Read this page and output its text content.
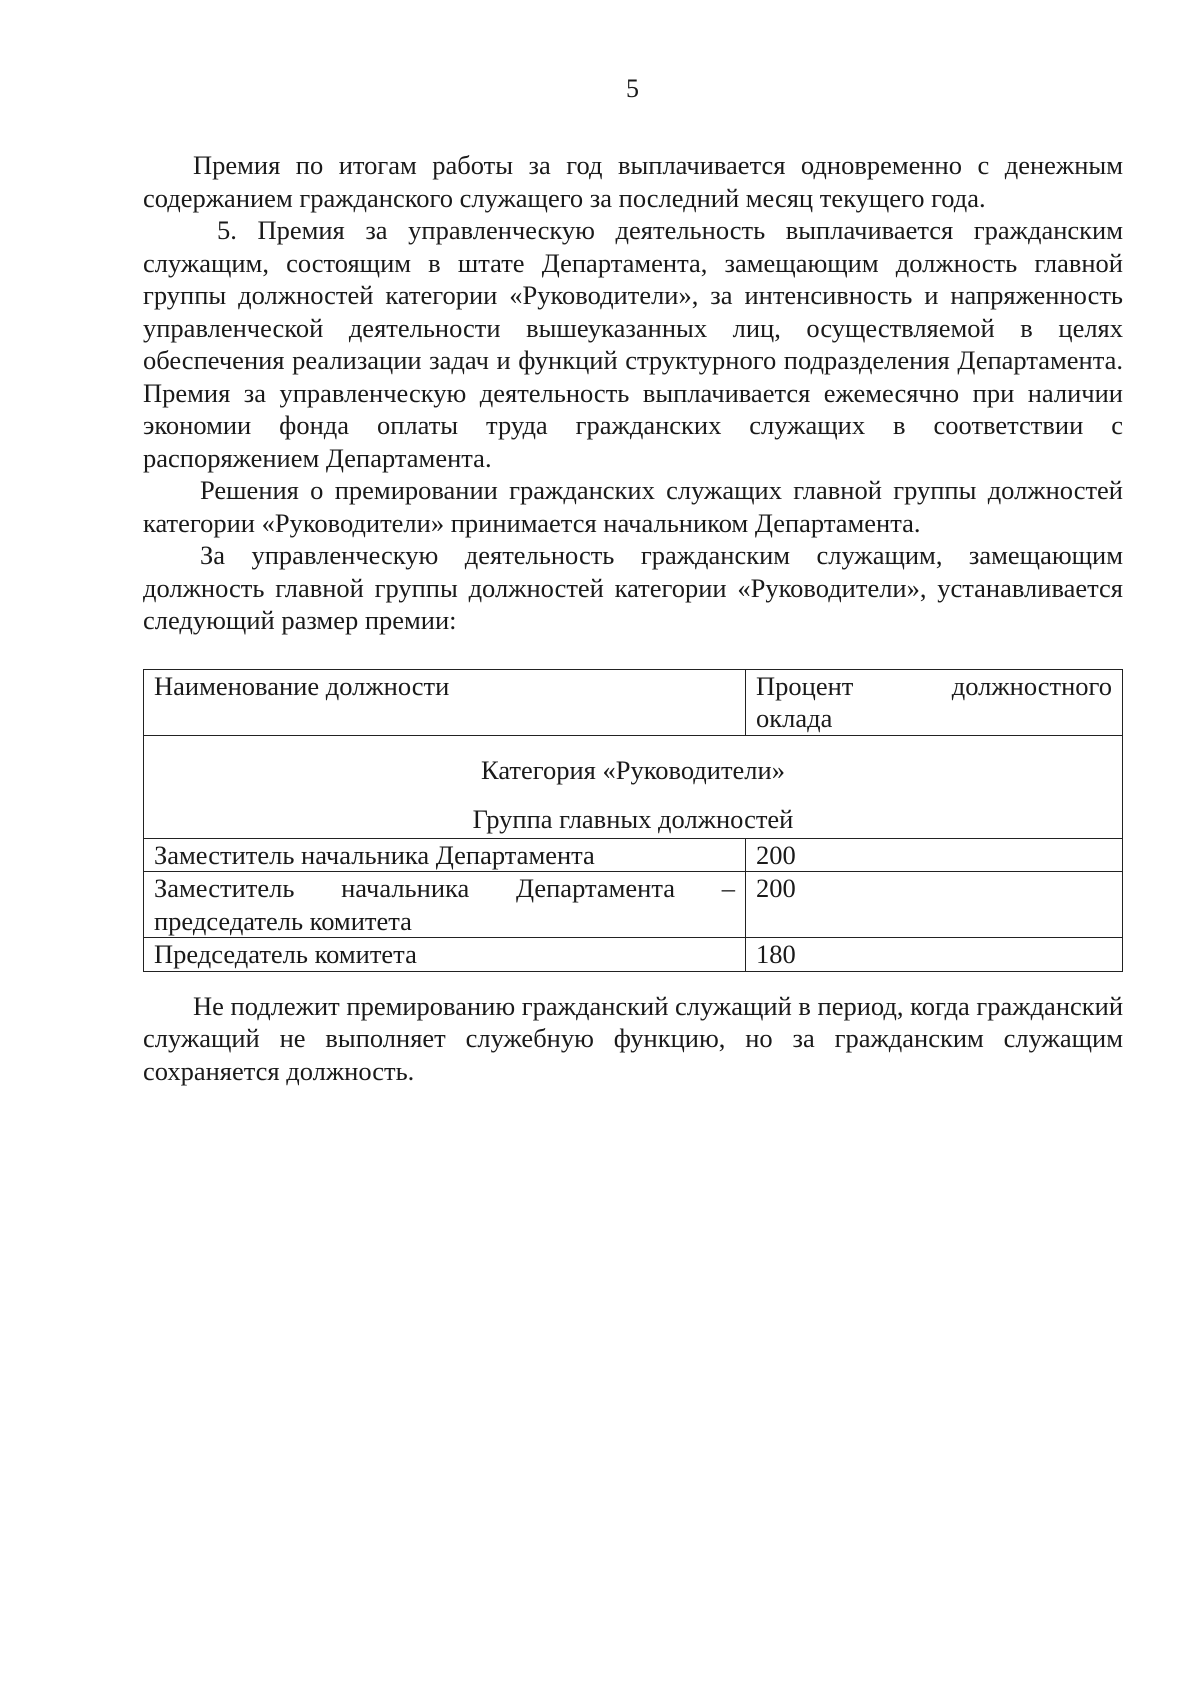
5

Премия по итогам работы за год выплачивается одновременно с денежным содержанием гражданского служащего за последний месяц текущего года.

5. Премия за управленческую деятельность выплачивается гражданским служащим, состоящим в штате Департамента, замещающим должность главной группы должностей категории «Руководители», за интенсивность и напряженность управленческой деятельности вышеуказанных лиц, осуществляемой в целях обеспечения реализации задач и функций структурного подразделения Департамента. Премия за управленческую деятельность выплачивается ежемесячно при наличии экономии фонда оплаты труда гражданских служащих в соответствии с распоряжением Департамента.

Решения о премировании гражданских служащих главной группы должностей категории «Руководители» принимается начальником Департамента.

За управленческую деятельность гражданским служащим, замещающим должность главной группы должностей категории «Руководители», устанавливается следующий размер премии:

Наименование должности	Процент должностного
оклада

Категория «Руководители»
Группа главных должностей	

Заместитель начальника Департамента	200

Заместитель начальника Департамента –
председатель комитета	200
Председатель комитета	180

Не подлежит премированию гражданский служащий в период, когда гражданский служащий не выполняет служебную функцию, но за гражданским служащим сохраняется должность.
